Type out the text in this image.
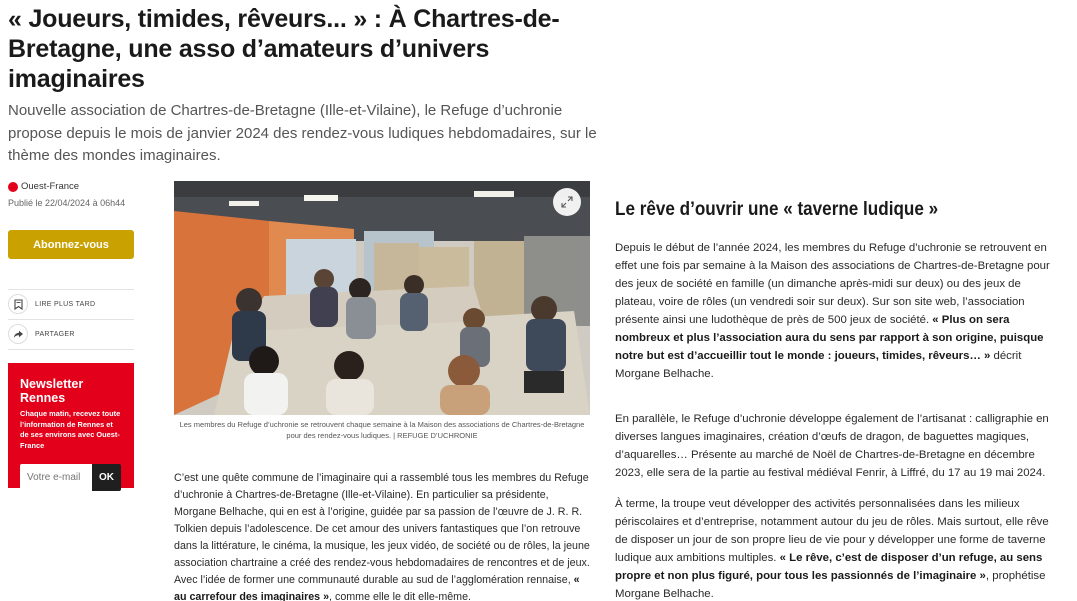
« Joueurs, timides, rêveurs... » : À Chartres-de-Bretagne, une asso d’amateurs d’univers imaginaires

Nouvelle association de Chartres-de-Bretagne (Ille-et-Vilaine), le Refuge d’uchronie propose depuis le mois de janvier 2024 des rendez-vous ludiques hebdomadaires, sur le thème des mondes imaginaires.

Ouest-France
Publié le 22/04/2024 à 06h44
Abonnez-vous
LIRE PLUS TARD
PARTAGER
Newsletter Rennes

Chaque matin, recevez toute l’information de Rennes et de ses environs avec Ouest-France

Votre e-mail
OK

Les membres du Refuge d’uchronie se retrouvent chaque semaine à la Maison des associations de Chartres-de-Bretagne pour des rendez-vous ludiques. | REFUGE D’UCHRONIE

C’est une quête commune de l’imaginaire qui a rassemblé tous les membres du Refuge d’uchronie à Chartres-de-Bretagne (Ille-et-Vilaine). En particulier sa présidente, Morgane Belhache, qui en est à l’origine, guidée par sa passion de l’œuvre de J. R. R. Tolkien depuis l’adolescence. De cet amour des univers fantastiques que l’on retrouve dans la littérature, le cinéma, la musique, les jeux vidéo, de société ou de rôles, la jeune association chartraine a créé des rendez-vous hebdomadaires de rencontres et de jeux. Avec l’idée de former une communauté durable au sud de l’agglomération rennaise, « au carrefour des imaginaires », comme elle le dit elle-même.

Le rêve d’ouvrir une « taverne ludique »

Depuis le début de l’année 2024, les membres du Refuge d’uchronie se retrouvent en effet une fois par semaine à la Maison des associations de Chartres-de-Bretagne pour des jeux de société en famille (un dimanche après-midi sur deux) ou des jeux de plateau, voire de rôles (un vendredi soir sur deux). Sur son site web, l’association présente ainsi une ludothèque de près de 500 jeux de société. « Plus on sera nombreux et plus l’association aura du sens par rapport à son origine, puisque notre but est d’accueillir tout le monde : joueurs, timides, rêveurs… » décrit Morgane Belhache.

En parallèle, le Refuge d’uchronie développe également de l’artisanat : calligraphie en diverses langues imaginaires, création d’œufs de dragon, de baguettes magiques, d’aquarelles… Présente au marché de Noël de Chartres-de-Bretagne en décembre 2023, elle sera de la partie au festival médiéval Fenrir, à Liffré, du 17 au 19 mai 2024.

À terme, la troupe veut développer des activités personnalisées dans les milieux périscolaires et d’entreprise, notamment autour du jeu de rôles. Mais surtout, elle rêve de disposer un jour de son propre lieu de vie pour y développer une forme de taverne ludique aux ambitions multiples. « Le rêve, c’est de disposer d’un refuge, au sens propre et non plus figuré, pour tous les passionnés de l’imaginaire », prophétise Morgane Belhache.
